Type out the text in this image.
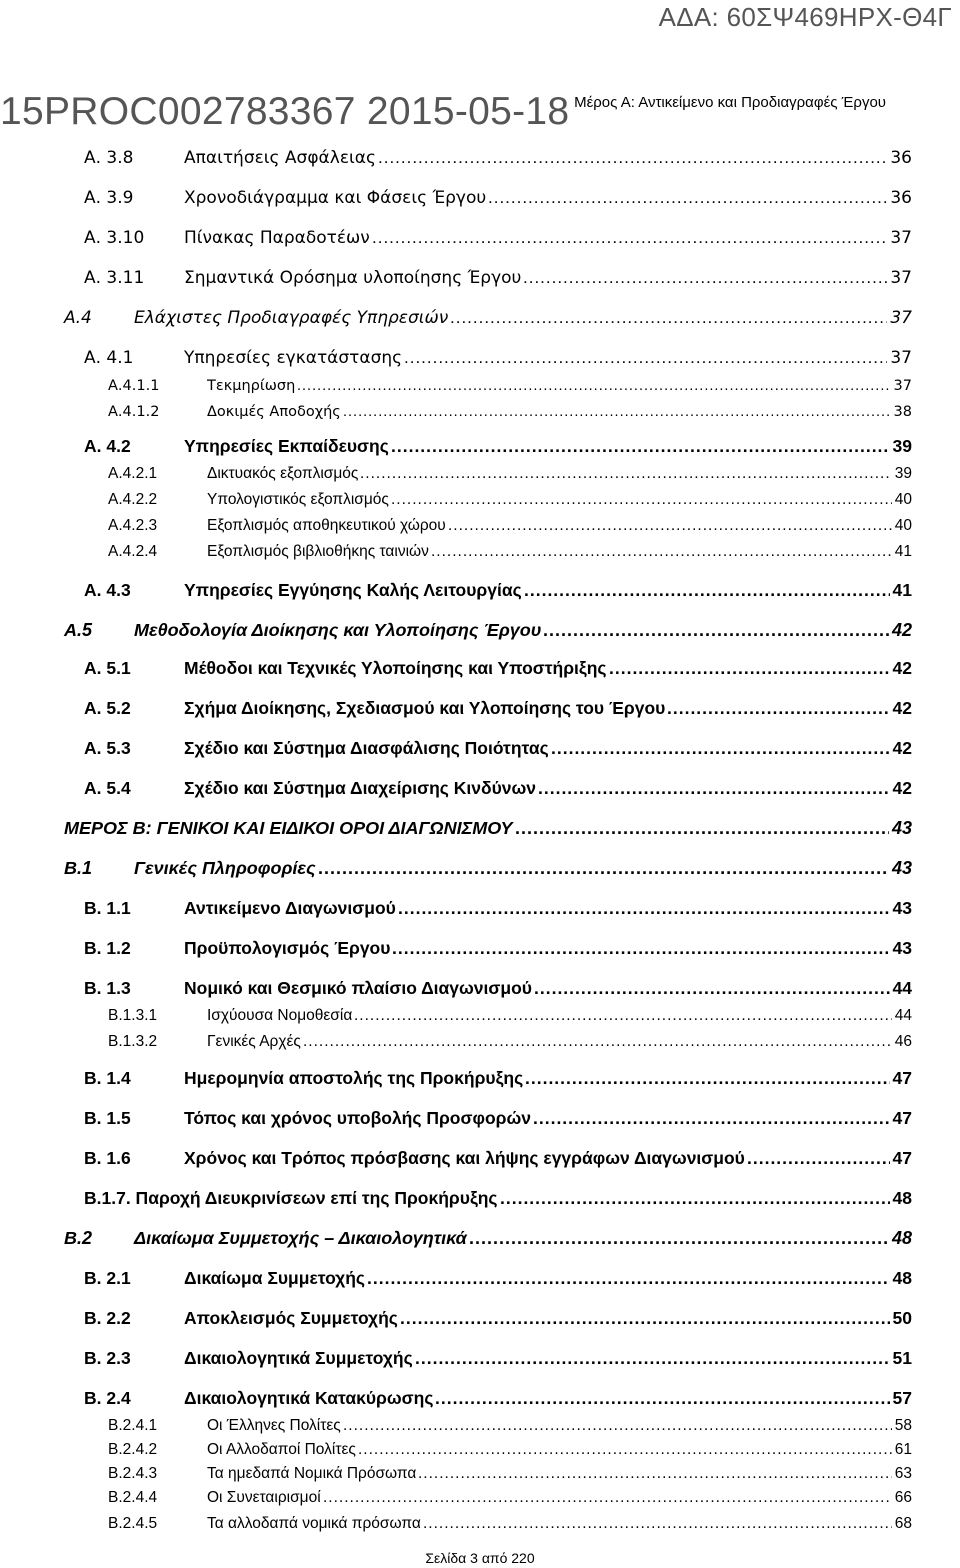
ΑΔΑ: 60ΣΨ469ΗΡΧ-Θ4Γ
15PROC002783367 2015-05-18 Μέρος Α: Αντικείμενο και Προδιαγραφές Έργου
Α. 3.8	Απαιτήσεις Ασφάλειας .....	36
Α. 3.9	Χρονοδιάγραμμα και Φάσεις Έργου .....	36
Α. 3.10 Πίνακας Παραδοτέων .....	37
Α. 3.11 Σημαντικά Ορόσημα υλοποίησης Έργου .....	37
Α.4 Ελάχιστες Προδιαγραφές Υπηρεσιών .....	37
Α. 4.1	Υπηρεσίες εγκατάστασης .....	37
Α.4.1.1	Τεκμηρίωση .....	37
Α.4.1.2	Δοκιμές Αποδοχής .....	38
Α. 4.2	Υπηρεσίες Εκπαίδευσης .....	39
Α.4.2.1	Δικτυακός εξοπλισμός .....	39
Α.4.2.2	Υπολογιστικός εξοπλισμός .....	40
Α.4.2.3	Εξοπλισμός αποθηκευτικού χώρου .....	40
Α.4.2.4	Εξοπλισμός βιβλιοθήκης ταινιών .....	41
Α. 4.3	Υπηρεσίες Εγγύησης Καλής Λειτουργίας .....	41
Α.5 Μεθοδολογία Διοίκησης και Υλοποίησης Έργου .....	42
Α. 5.1	Μέθοδοι και Τεχνικές Υλοποίησης και Υποστήριξης .....	42
Α. 5.2	Σχήμα Διοίκησης, Σχεδιασμού και Υλοποίησης του Έργου .....	42
Α. 5.3	Σχέδιο και Σύστημα Διασφάλισης Ποιότητας .....	42
Α. 5.4	Σχέδιο και Σύστημα Διαχείρισης Κινδύνων .....	42
ΜΕΡΟΣ Β: ΓΕΝΙΚΟΙ ΚΑΙ ΕΙΔΙΚΟΙ ΟΡΟΙ ΔΙΑΓΩΝΙΣΜΟΥ .....	43
Β.1 Γενικές Πληροφορίες .....	43
Β. 1.1	Αντικείμενο Διαγωνισμού .....	43
Β. 1.2	Προϋπολογισμός Έργου .....	43
Β. 1.3	Νομικό και Θεσμικό πλαίσιο Διαγωνισμού .....	44
Β.1.3.1	Ισχύουσα Νομοθεσία .....	44
Β.1.3.2	Γενικές Αρχές .....	46
Β. 1.4	Ημερομηνία αποστολής της Προκήρυξης .....	47
Β. 1.5	Τόπος και χρόνος υποβολής Προσφορών .....	47
Β. 1.6	Χρόνος και Τρόπος πρόσβασης και λήψης εγγράφων Διαγωνισμού .....	47
Β.1.7. Παροχή Διευκρινίσεων επί της Προκήρυξης .....	48
Β.2 Δικαίωμα Συμμετοχής – Δικαιολογητικά .....	48
Β. 2.1	Δικαίωμα Συμμετοχής .....	48
Β. 2.2	Αποκλεισμός Συμμετοχής .....	50
Β. 2.3	Δικαιολογητικά Συμμετοχής .....	51
Β. 2.4	Δικαιολογητικά Κατακύρωσης .....	57
Β.2.4.1	Οι Έλληνες Πολίτες .....	58
Β.2.4.2	Οι Αλλοδαποί Πολίτες .....	61
Β.2.4.3	Τα ημεδαπά Νομικά Πρόσωπα .....	63
Β.2.4.4	Οι Συνεταιρισμοί .....	66
Β.2.4.5	Τα αλλοδαπά νομικά πρόσωπα .....	68
Σελίδα 3 από 220
